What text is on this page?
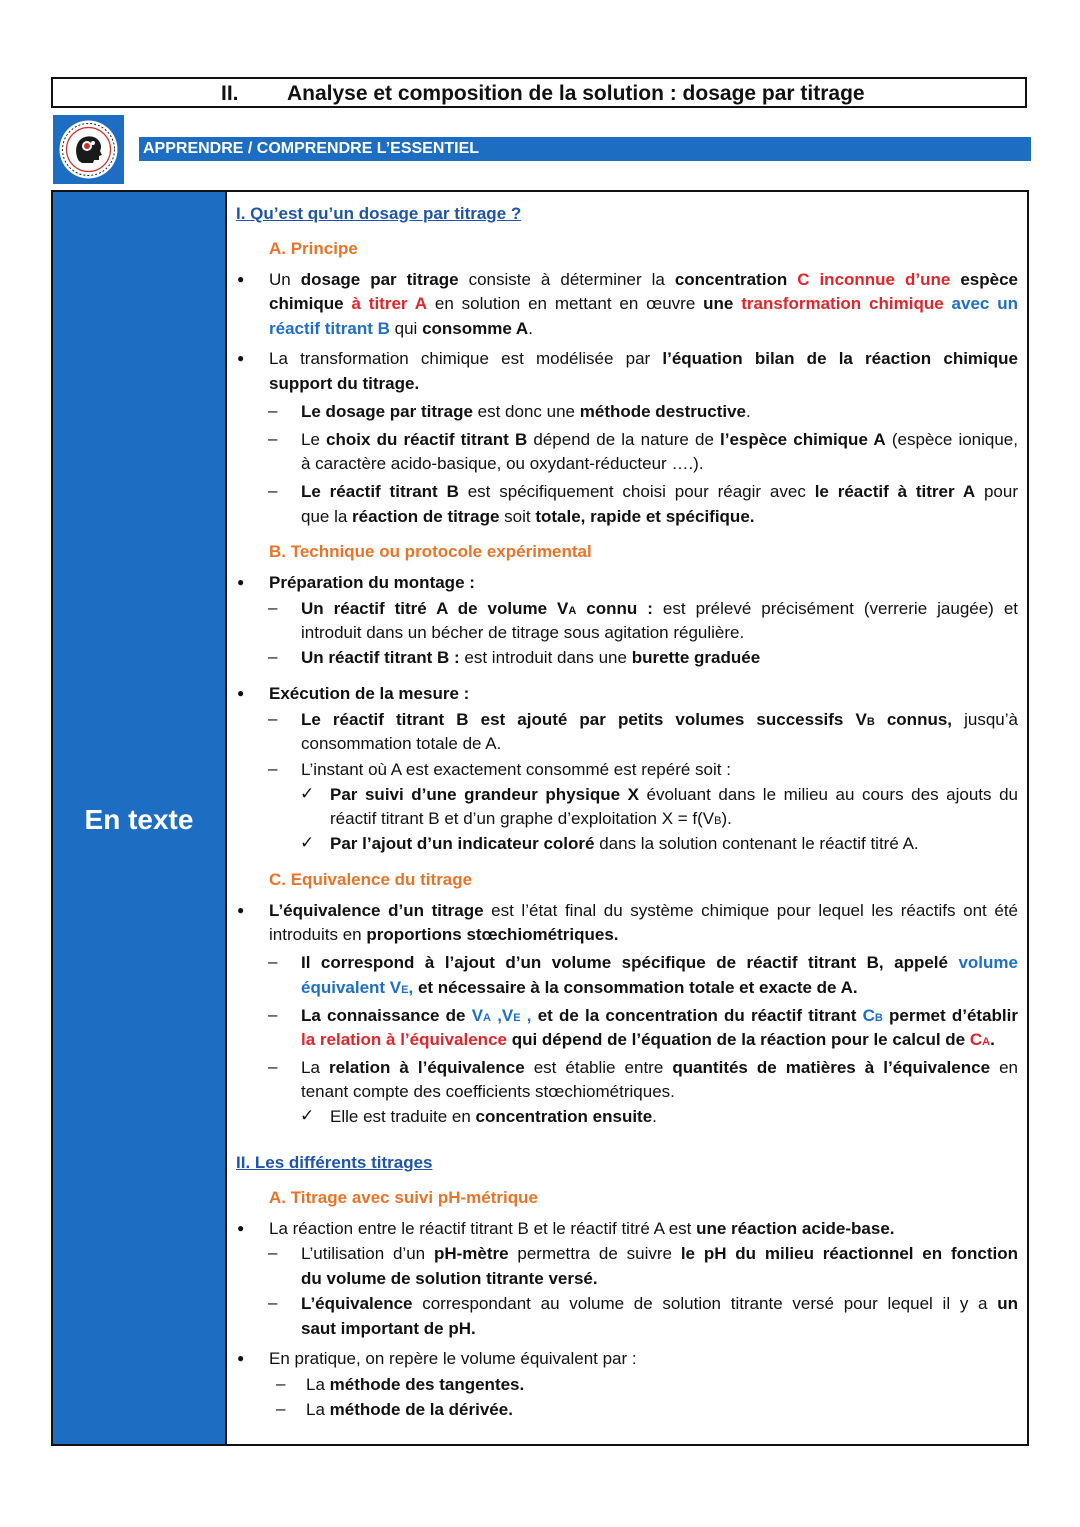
II. Analyse et composition de la solution : dosage par titrage
APPRENDRE / COMPRENDRE L’ESSENTIEL
En texte
I. Qu’est qu’un dosage par titrage ?
A. Principe
● Un dosage par titrage consiste à déterminer la concentration C inconnue d’une espèce
chimique à titrer A en solution en mettant en œuvre une transformation chimique avec un
réactif titrant B qui consomme A.
● La transformation chimique est modélisée par l’équation bilan de la réaction chimique
support du titrage.
– Le dosage par titrage est donc une méthode destructive.
– Le choix du réactif titrant B dépend de la nature de l’espèce chimique A (espèce ionique,
à caractère acido-basique, ou oxydant-réducteur ….).
– Le réactif titrant B est spécifiquement choisi pour réagir avec le réactif à titrer A pour
que la réaction de titrage soit totale, rapide et spécifique.
B. Technique ou protocole expérimental
● Préparation du montage :
– Un réactif titré A de volume VA connu : est prélevé précisément (verrerie jaugée) et
introduit dans un bécher de titrage sous agitation régulière.
– Un réactif titrant B : est introduit dans une burette graduée
● Exécution de la mesure :
– Le réactif titrant B est ajouté par petits volumes successifs VB connus, jusqu’à
consommation totale de A.
– L’instant où A est exactement consommé est repéré soit :
✓ Par suivi d’une grandeur physique X évoluant dans le milieu au cours des ajouts du
réactif titrant B et d’un graphe d’exploitation X = f(VB).
✓ Par l’ajout d’un indicateur coloré dans la solution contenant le réactif titré A.
C. Equivalence du titrage
● L’équivalence d’un titrage est l’état final du système chimique pour lequel les réactifs ont été
introduits en proportions stœchiométriques.
– Il correspond à l’ajout d’un volume spécifique de réactif titrant B, appelé volume
équivalent VE, et nécessaire à la consommation totale et exacte de A.
– La connaissance de VA ,VE , et de la concentration du réactif titrant CB permet d’établir
la relation à l’équivalence qui dépend de l’équation de la réaction pour le calcul de CA.
– La relation à l’équivalence est établie entre quantités de matières à l’équivalence en
tenant compte des coefficients stœchiométriques.
✓ Elle est traduite en concentration ensuite.
II. Les différents titrages
A. Titrage avec suivi pH-métrique
● La réaction entre le réactif titrant B et le réactif titré A est une réaction acide-base.
– L’utilisation d’un pH-mètre permettra de suivre le pH du milieu réactionnel en fonction
du volume de solution titrante versé.
– L’équivalence correspondant au volume de solution titrante versé pour lequel il y a un
saut important de pH.
● En pratique, on repère le volume équivalent par :
– La méthode des tangentes.
– La méthode de la dérivée.
